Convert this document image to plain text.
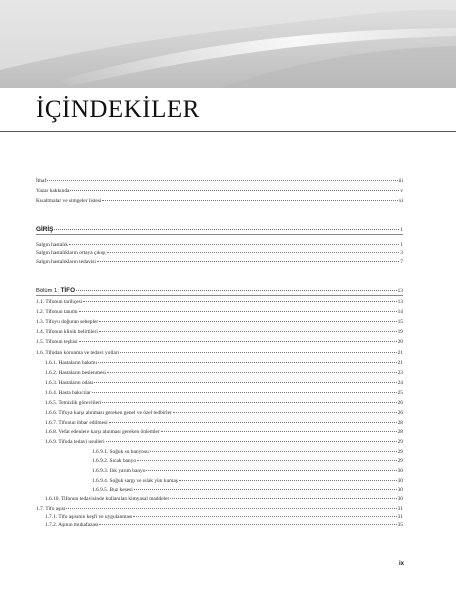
İÇİNDEKİLER
İthaf	iii
Yazar hakkında	v
Kısaltmalar ve simgeler listesi	xi
GİRİŞ	1
Salgın hastalık	1
Salgın hastalıkların ortaya çıkışı	3
Salgın hastalıkların tedavisi	7
Bölüm 1: TİFO	13
1.1. Tifonun tarihçesi	13
1.2. Tifonun tanımı	14
1.3. Tifoyu doğuran sebepler	15
1.4. Tifonun klinik belirtileri	19
1.5. Tifonun teşhisi	20
1.6. Tifodan korunma ve tedavi yolları	21
1.6.1. Hastaların bakımı	21
1.6.2. Hastaların beslenmesi	23
1.6.3. Hastaların odası	24
1.6.4. Hasta bakıcılar	25
1.6.5. Temizlik görevlileri	26
1.6.6. Tifoya karşı alınması gereken genel ve özel tedbirler	26
1.6.7. Tifonun ihbar edilmesi	28
1.6.8. Vefat edenlere karşı alınması gereken önlemler	28
1.6.9. Tifoda tedavi usulleri	29
1.6.9.1. Soğuk su banyosu	29
1.6.9.2. Sıcak banyo	29
1.6.9.3. Ilık yarım banyo	30
1.6.9.4. Soğuk sargı ve ıslak yün kumaş	30
1.6.9.5. Buz kesesi	30
1.6.10. Tifonun tedavisinde kullanılan kimyasal maddeler	30
1.7. Tifo aşısı	31
1.7.1. Tifo aşısının keşfi ve uygulanması	31
1.7.2. Aşının muhafazası	35
ix
